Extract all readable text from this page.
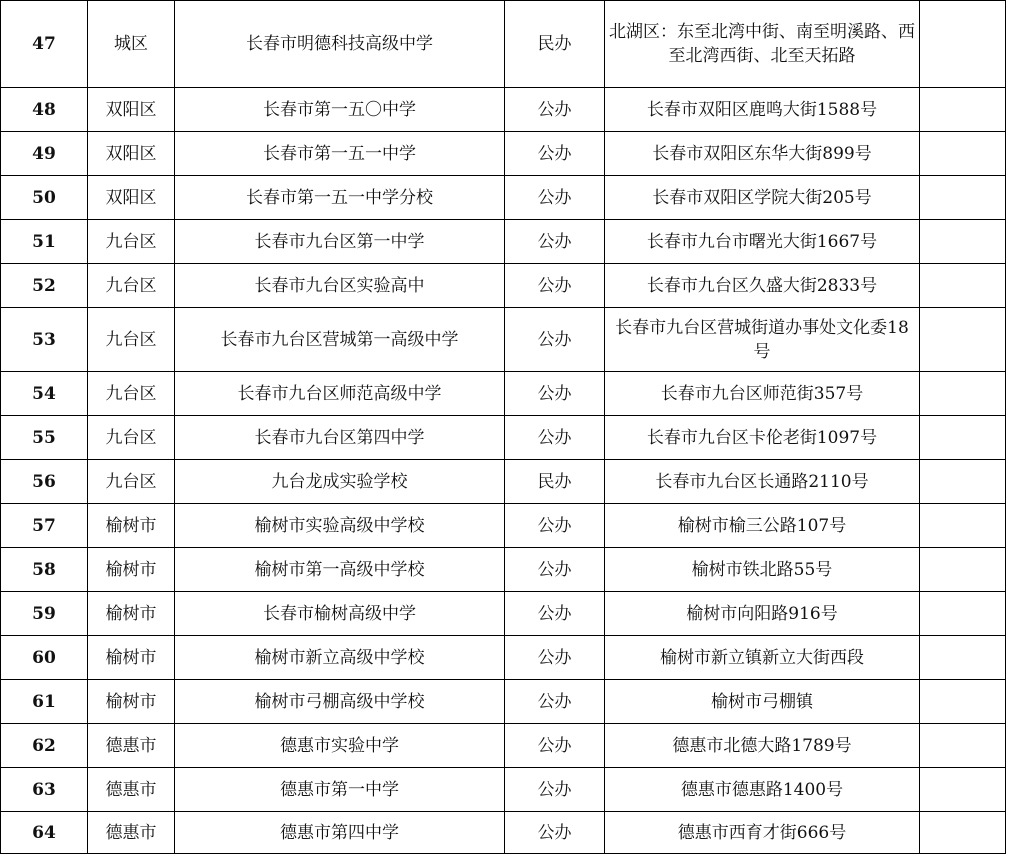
47	城区	长春市明德科技高级中学	民办	北湖区：东至北湾中街、南至明溪路、西至北湾西街、北至天拓路	
48	双阳区	长春市第一五〇中学	公办	长春市双阳区鹿鸣大街1588号	
49	双阳区	长春市第一五一中学	公办	长春市双阳区东华大街899号	
50	双阳区	长春市第一五一中学分校	公办	长春市双阳区学院大街205号	
51	九台区	长春市九台区第一中学	公办	长春市九台市曙光大街1667号	
52	九台区	长春市九台区实验高中	公办	长春市九台区久盛大街2833号	
53	九台区	长春市九台区营城第一高级中学	公办	长春市九台区营城街道办事处文化委18号	
54	九台区	长春市九台区师范高级中学	公办	长春市九台区师范街357号	
55	九台区	长春市九台区第四中学	公办	长春市九台区卡伦老街1097号	
56	九台区	九台龙成实验学校	民办	长春市九台区长通路2110号	
57	榆树市	榆树市实验高级中学校	公办	榆树市榆三公路107号	
58	榆树市	榆树市第一高级中学校	公办	榆树市铁北路55号	
59	榆树市	长春市榆树高级中学	公办	榆树市向阳路916号	
60	榆树市	榆树市新立高级中学校	公办	榆树市新立镇新立大街西段	
61	榆树市	榆树市弓棚高级中学校	公办	榆树市弓棚镇	
62	德惠市	德惠市实验中学	公办	德惠市北德大路1789号	
63	德惠市	德惠市第一中学	公办	德惠市德惠路1400号	
64	德惠市	德惠市第四中学	公办	德惠市西育才街666号	
